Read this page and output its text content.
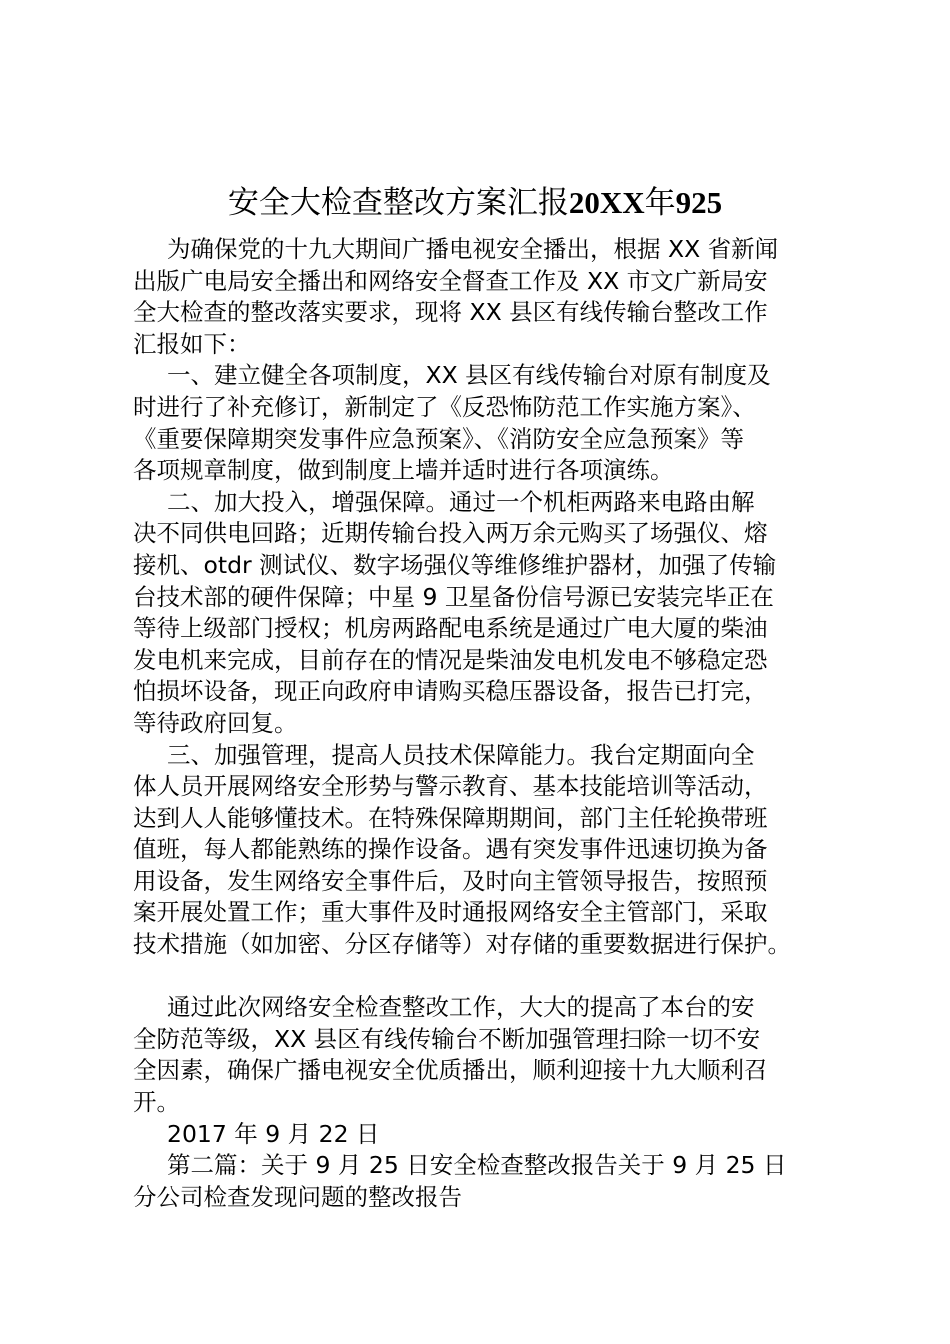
安全大检查整改方案汇报20XX年925
为确保党的十九大期间广播电视安全播出，根据 XX 省新闻
出版广电局安全播出和网络安全督查工作及 XX 市文广新局安
全大检查的整改落实要求，现将 XX 县区有线传输台整改工作
汇报如下：
一、建立健全各项制度，XX 县区有线传输台对原有制度及
时进行了补充修订，新制定了《反恐怖防范工作实施方案》、
《重要保障期突发事件应急预案》、《消防安全应急预案》等
各项规章制度，做到制度上墙并适时进行各项演练。
二、加大投入，增强保障。通过一个机柜两路来电路由解
决不同供电回路；近期传输台投入两万余元购买了场强仪、熔
接机、otdr 测试仪、数字场强仪等维修维护器材，加强了传输
台技术部的硬件保障；中星 9 卫星备份信号源已安装完毕正在
等待上级部门授权；机房两路配电系统是通过广电大厦的柴油
发电机来完成，目前存在的情况是柴油发电机发电不够稳定恐
怕损坏设备，现正向政府申请购买稳压器设备，报告已打完，
等待政府回复。
三、加强管理，提高人员技术保障能力。我台定期面向全
体人员开展网络安全形势与警示教育、基本技能培训等活动，
达到人人能够懂技术。在特殊保障期期间，部门主任轮换带班
值班，每人都能熟练的操作设备。遇有突发事件迅速切换为备
用设备，发生网络安全事件后，及时向主管领导报告，按照预
案开展处置工作；重大事件及时通报网络安全主管部门，采取
技术措施（如加密、分区存储等）对存储的重要数据进行保护。
通过此次网络安全检查整改工作，大大的提高了本台的安
全防范等级，XX 县区有线传输台不断加强管理扫除一切不安
全因素，确保广播电视安全优质播出，顺利迎接十九大顺利召
开。
2017 年 9 月 22 日
第二篇：关于 9 月 25 日安全检查整改报告关于 9 月 25 日
分公司检查发现问题的整改报告
